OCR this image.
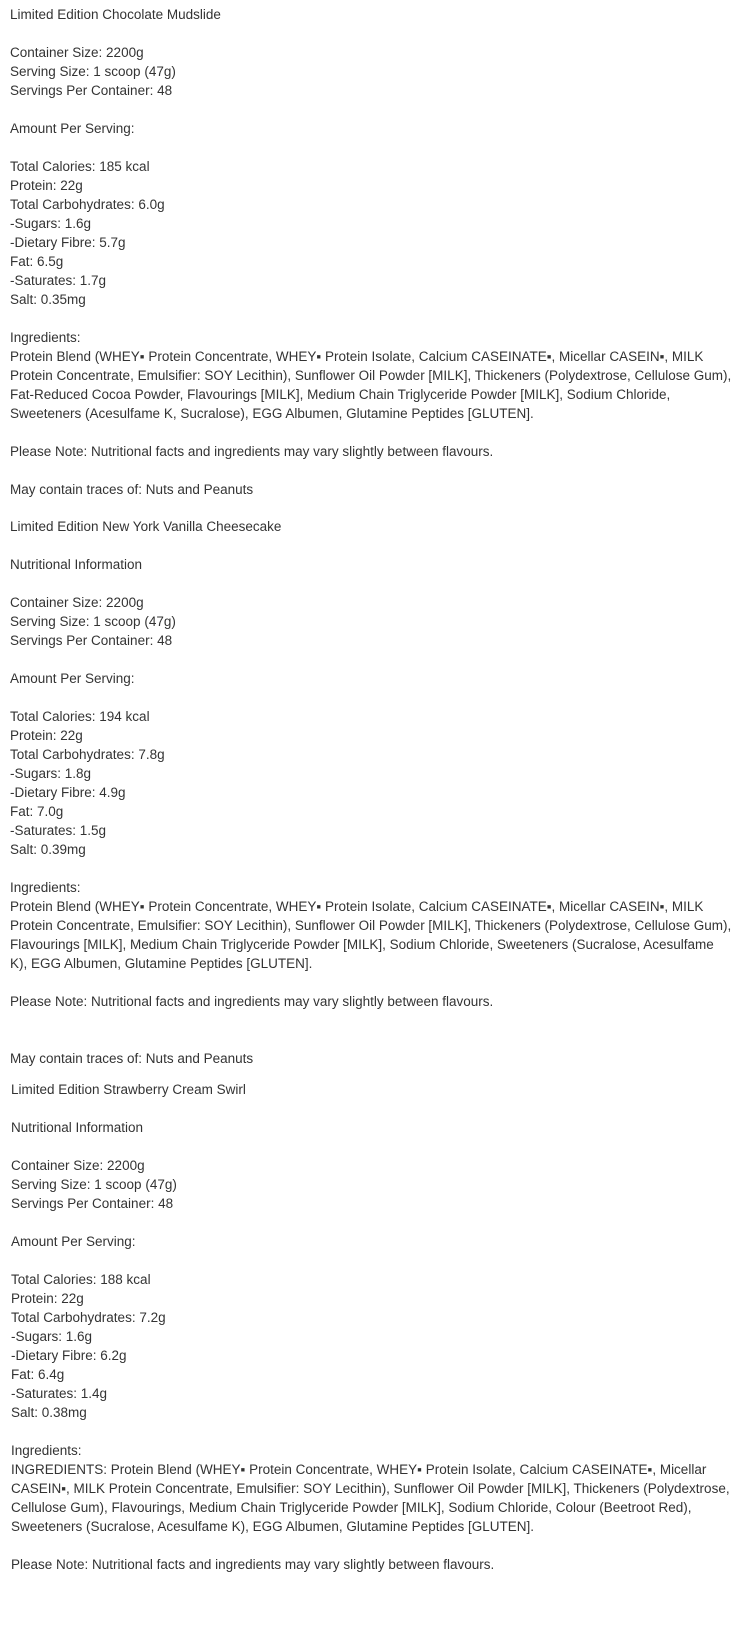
Limited Edition Chocolate Mudslide
Container Size: 2200g
Serving Size: 1 scoop (47g)
Servings Per Container: 48
Amount Per Serving:
Total Calories: 185 kcal
Protein: 22g
Total Carbohydrates: 6.0g
-Sugars: 1.6g
-Dietary Fibre: 5.7g
Fat: 6.5g
-Saturates: 1.7g
Salt: 0.35mg
Ingredients:
Protein Blend (WHEY▪ Protein Concentrate, WHEY▪ Protein Isolate, Calcium CASEINATE▪, Micellar CASEIN▪, MILK Protein Concentrate, Emulsifier: SOY Lecithin), Sunflower Oil Powder [MILK], Thickeners (Polydextrose, Cellulose Gum), Fat-Reduced Cocoa Powder, Flavourings [MILK], Medium Chain Triglyceride Powder [MILK], Sodium Chloride, Sweeteners (Acesulfame K, Sucralose), EGG Albumen, Glutamine Peptides [GLUTEN].
Please Note: Nutritional facts and ingredients may vary slightly between flavours.
May contain traces of: Nuts and Peanuts
Limited Edition New York Vanilla Cheesecake
Nutritional Information
Container Size: 2200g
Serving Size: 1 scoop (47g)
Servings Per Container: 48
Amount Per Serving:
Total Calories: 194 kcal
Protein: 22g
Total Carbohydrates: 7.8g
-Sugars: 1.8g
-Dietary Fibre: 4.9g
Fat: 7.0g
-Saturates: 1.5g
Salt: 0.39mg
Ingredients:
Protein Blend (WHEY▪ Protein Concentrate, WHEY▪ Protein Isolate, Calcium CASEINATE▪, Micellar CASEIN▪, MILK Protein Concentrate, Emulsifier: SOY Lecithin), Sunflower Oil Powder [MILK], Thickeners (Polydextrose, Cellulose Gum), Flavourings [MILK], Medium Chain Triglyceride Powder [MILK], Sodium Chloride, Sweeteners (Sucralose, Acesulfame K), EGG Albumen, Glutamine Peptides [GLUTEN].
Please Note: Nutritional facts and ingredients may vary slightly between flavours.
May contain traces of: Nuts and Peanuts
Limited Edition Strawberry Cream Swirl
Nutritional Information
Container Size: 2200g
Serving Size: 1 scoop (47g)
Servings Per Container: 48
Amount Per Serving:
Total Calories: 188 kcal
Protein: 22g
Total Carbohydrates: 7.2g
-Sugars: 1.6g
-Dietary Fibre: 6.2g
Fat: 6.4g
-Saturates: 1.4g
Salt: 0.38mg
Ingredients:
INGREDIENTS: Protein Blend (WHEY▪ Protein Concentrate, WHEY▪ Protein Isolate, Calcium CASEINATE▪, Micellar CASEIN▪, MILK Protein Concentrate, Emulsifier: SOY Lecithin), Sunflower Oil Powder [MILK], Thickeners (Polydextrose, Cellulose Gum), Flavourings, Medium Chain Triglyceride Powder [MILK], Sodium Chloride, Colour (Beetroot Red), Sweeteners (Sucralose, Acesulfame K), EGG Albumen, Glutamine Peptides [GLUTEN].
Please Note: Nutritional facts and ingredients may vary slightly between flavours.
